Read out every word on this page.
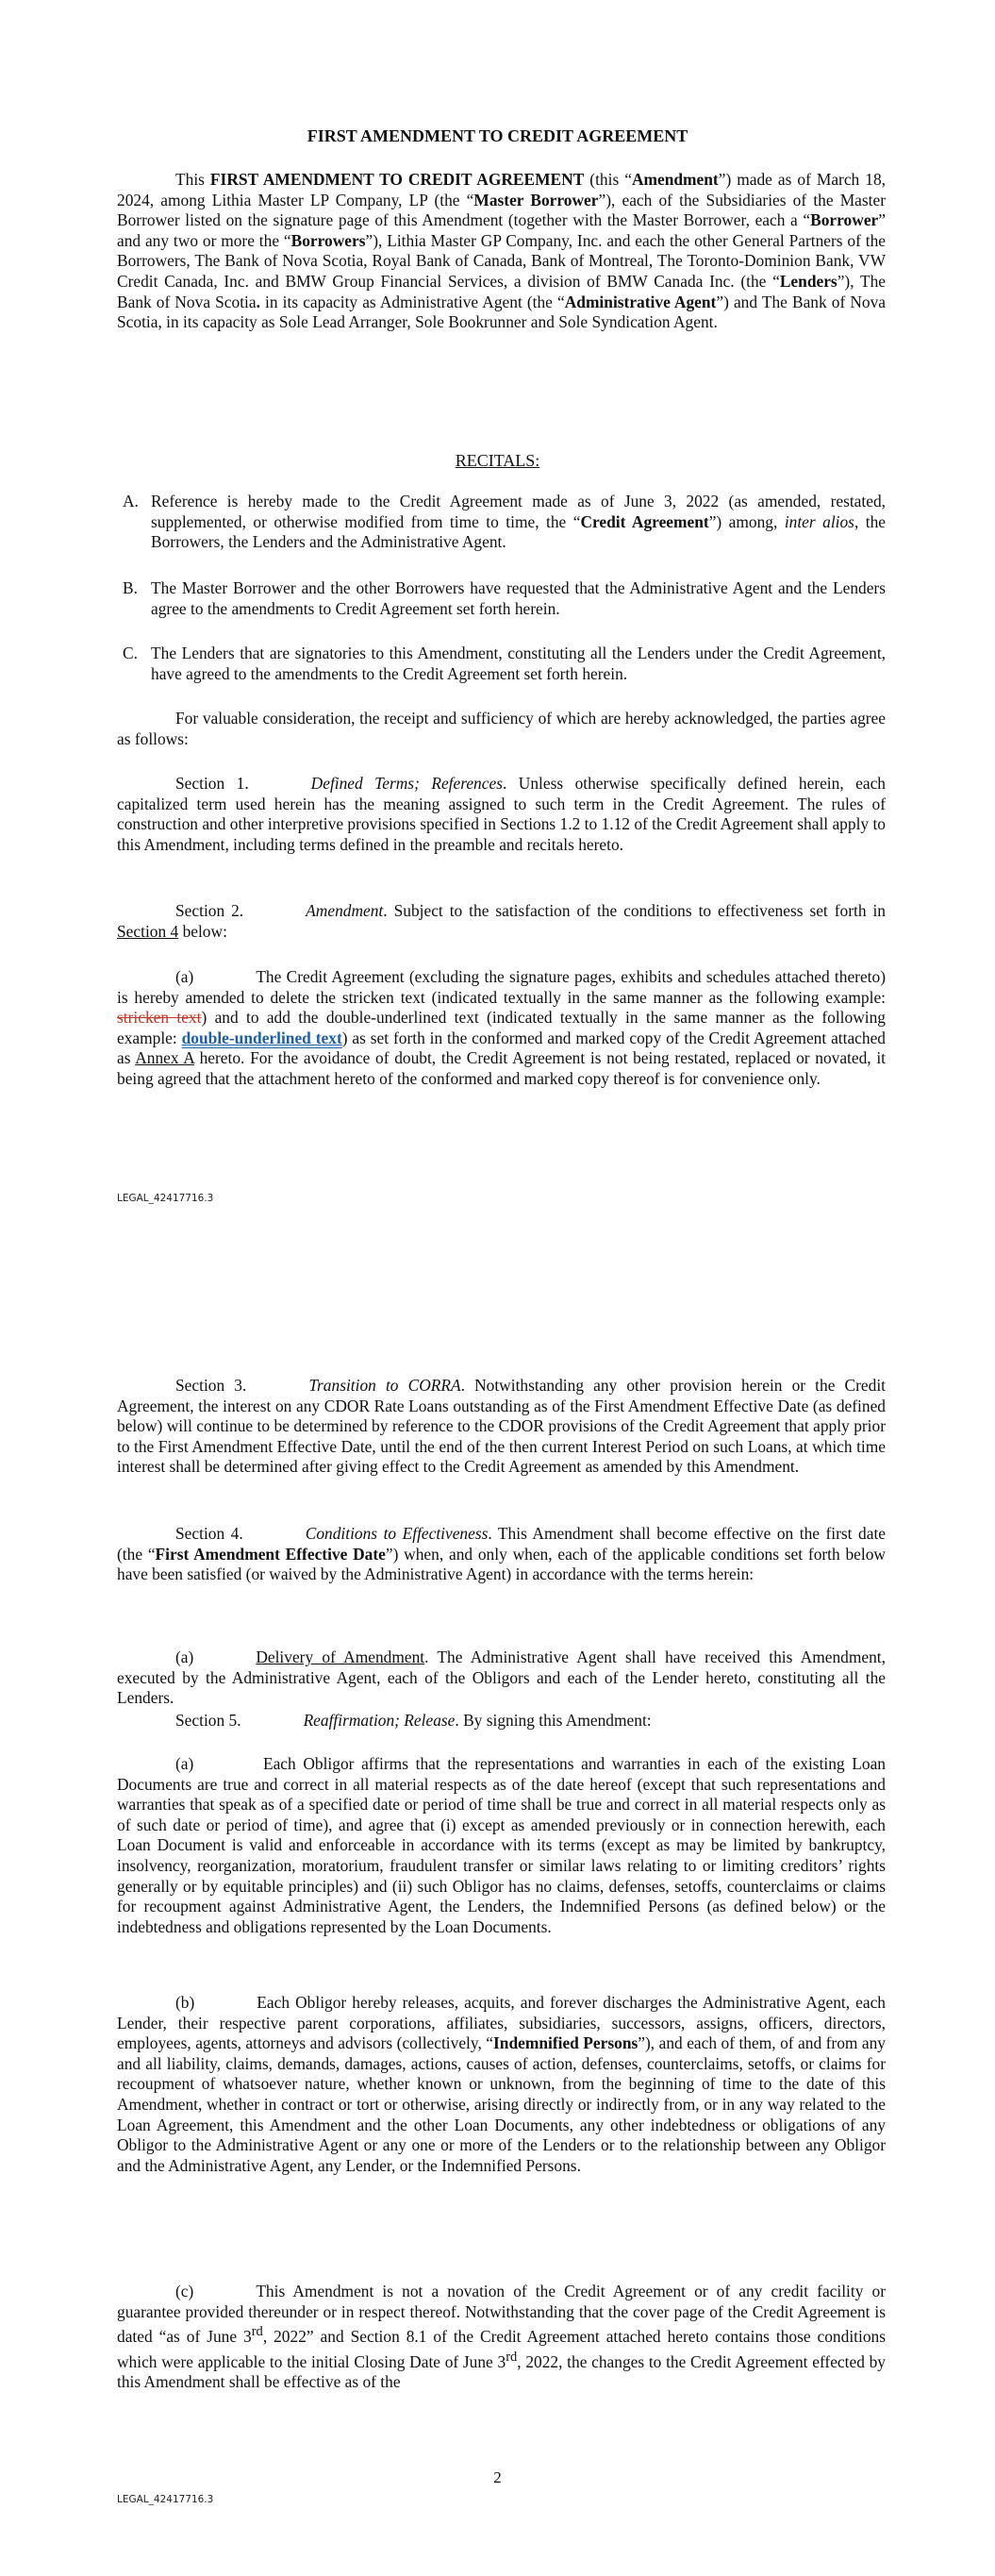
FIRST AMENDMENT TO CREDIT AGREEMENT

This FIRST AMENDMENT TO CREDIT AGREEMENT (this “Amendment”) made as of March 18, 2024, among Lithia Master LP Company, LP (the “Master Borrower”), each of the Subsidiaries of the Master Borrower listed on the signature page of this Amendment (together with the Master Borrower, each a “Borrower” and any two or more the “Borrowers”), Lithia Master GP Company, Inc. and each the other General Partners of the Borrowers, The Bank of Nova Scotia, Royal Bank of Canada, Bank of Montreal, The Toronto-Dominion Bank, VW Credit Canada, Inc. and BMW Group Financial Services, a division of BMW Canada Inc. (the “Lenders”), The Bank of Nova Scotia. in its capacity as Administrative Agent (the “Administrative Agent”) and The Bank of Nova Scotia, in its capacity as Sole Lead Arranger, Sole Bookrunner and Sole Syndication Agent.

RECITALS:

A. Reference is hereby made to the Credit Agreement made as of June 3, 2022 (as amended, restated, supplemented, or otherwise modified from time to time, the “Credit Agreement”) among, inter alios, the Borrowers, the Lenders and the Administrative Agent.

B. The Master Borrower and the other Borrowers have requested that the Administrative Agent and the Lenders agree to the amendments to Credit Agreement set forth herein.

C. The Lenders that are signatories to this Amendment, constituting all the Lenders under the Credit Agreement, have agreed to the amendments to the Credit Agreement set forth herein.

For valuable consideration, the receipt and sufficiency of which are hereby acknowledged, the parties agree as follows:

Section 1.	Defined Terms; References. Unless otherwise specifically defined herein, each capitalized term used herein has the meaning assigned to such term in the Credit Agreement. The rules of construction and other interpretive provisions specified in Sections 1.2 to 1.12 of the Credit Agreement shall apply to this Amendment, including terms defined in the preamble and recitals hereto.

Section 2.	Amendment. Subject to the satisfaction of the conditions to effectiveness set forth in Section 4 below:

(a)	The Credit Agreement (excluding the signature pages, exhibits and schedules attached thereto) is hereby amended to delete the stricken text (indicated textually in the same manner as the following example: stricken text) and to add the double-underlined text (indicated textually in the same manner as the following example: double-underlined text) as set forth in the conformed and marked copy of the Credit Agreement attached as Annex A hereto. For the avoidance of doubt, the Credit Agreement is not being restated, replaced or novated, it being agreed that the attachment hereto of the conformed and marked copy thereof is for convenience only.

LEGAL_42417716.3

Section 3.	Transition to CORRA. Notwithstanding any other provision herein or the Credit Agreement, the interest on any CDOR Rate Loans outstanding as of the First Amendment Effective Date (as defined below) will continue to be determined by reference to the CDOR provisions of the Credit Agreement that apply prior to the First Amendment Effective Date, until the end of the then current Interest Period on such Loans, at which time interest shall be determined after giving effect to the Credit Agreement as amended by this Amendment.

Section 4.	Conditions to Effectiveness. This Amendment shall become effective on the first date (the “First Amendment Effective Date”) when, and only when, each of the applicable conditions set forth below have been satisfied (or waived by the Administrative Agent) in accordance with the terms herein:

(a)	Delivery of Amendment. The Administrative Agent shall have received this Amendment, executed by the Administrative Agent, each of the Obligors and each of the Lender hereto, constituting all the Lenders.

Section 5.	Reaffirmation; Release. By signing this Amendment:

(a)	Each Obligor affirms that the representations and warranties in each of the existing Loan Documents are true and correct in all material respects as of the date hereof (except that such representations and warranties that speak as of a specified date or period of time shall be true and correct in all material respects only as of such date or period of time), and agree that (i) except as amended previously or in connection herewith, each Loan Document is valid and enforceable in accordance with its terms (except as may be limited by bankruptcy, insolvency, reorganization, moratorium, fraudulent transfer or similar laws relating to or limiting creditors’ rights generally or by equitable principles) and (ii) such Obligor has no claims, defenses, setoffs, counterclaims or claims for recoupment against Administrative Agent, the Lenders, the Indemnified Persons (as defined below) or the indebtedness and obligations represented by the Loan Documents.

(b)	Each Obligor hereby releases, acquits, and forever discharges the Administrative Agent, each Lender, their respective parent corporations, affiliates, subsidiaries, successors, assigns, officers, directors, employees, agents, attorneys and advisors (collectively, “Indemnified Persons”), and each of them, of and from any and all liability, claims, demands, damages, actions, causes of action, defenses, counterclaims, setoffs, or claims for recoupment of whatsoever nature, whether known or unknown, from the beginning of time to the date of this Amendment, whether in contract or tort or otherwise, arising directly or indirectly from, or in any way related to the Loan Agreement, this Amendment and the other Loan Documents, any other indebtedness or obligations of any Obligor to the Administrative Agent or any one or more of the Lenders or to the relationship between any Obligor and the Administrative Agent, any Lender, or the Indemnified Persons.

(c)	This Amendment is not a novation of the Credit Agreement or of any credit facility or guarantee provided thereunder or in respect thereof. Notwithstanding that the cover page of the Credit Agreement is dated “as of June 3rd, 2022” and Section 8.1 of the Credit Agreement attached hereto contains those conditions which were applicable to the initial Closing Date of June 3rd, 2022, the changes to the Credit Agreement effected by this Amendment shall be effective as of the

2
LEGAL_42417716.3
